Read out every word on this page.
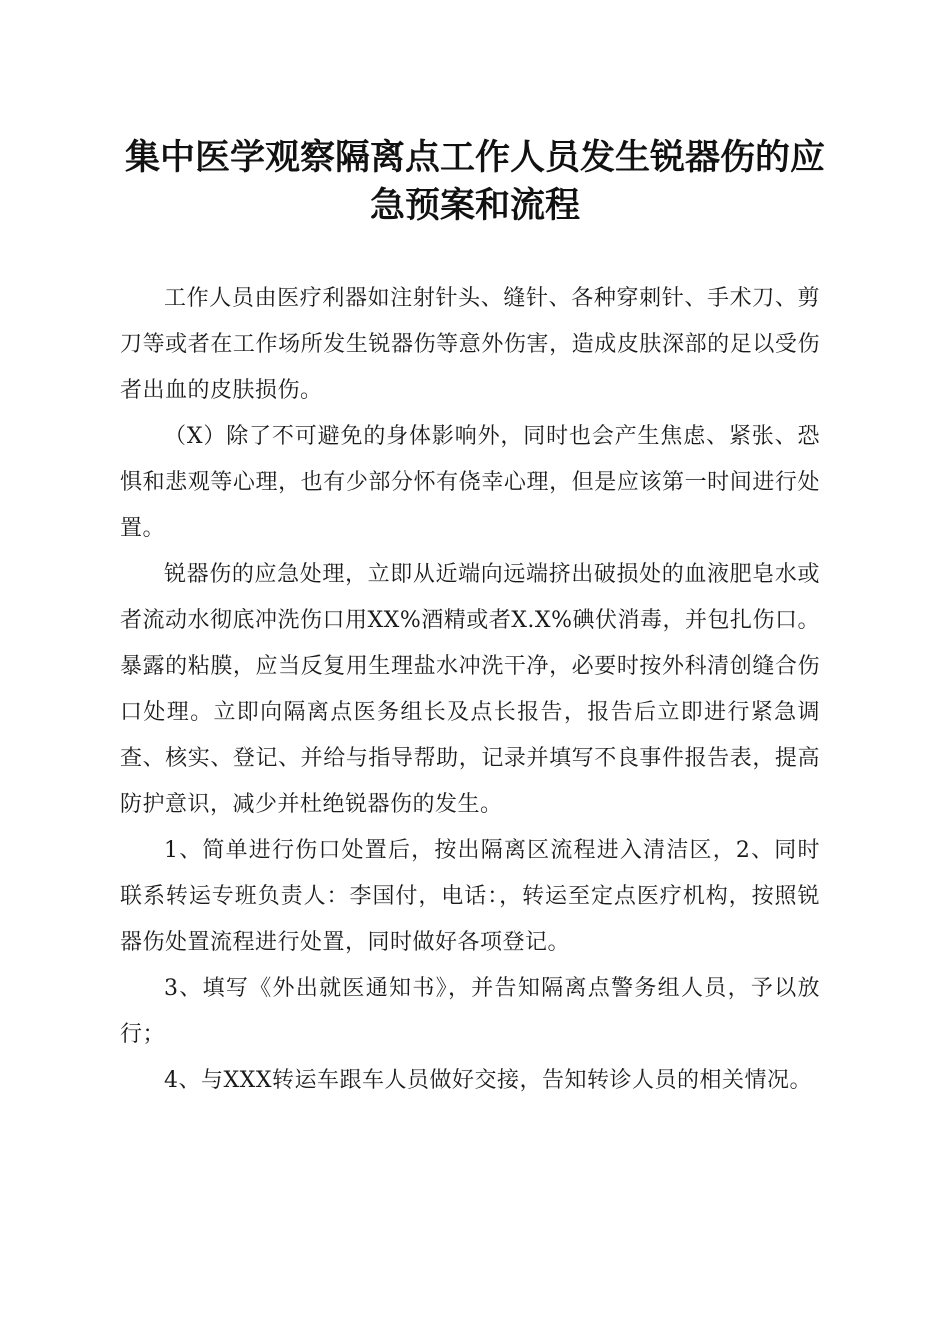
集中医学观察隔离点工作人员发生锐器伤的应急预案和流程

工作人员由医疗利器如注射针头、缝针、各种穿刺针、手术刀、剪刀等或者在工作场所发生锐器伤等意外伤害，造成皮肤深部的足以受伤者出血的皮肤损伤。

（X）除了不可避免的身体影响外，同时也会产生焦虑、紧张、恐惧和悲观等心理，也有少部分怀有侥幸心理，但是应该第一时间进行处置。

锐器伤的应急处理，立即从近端向远端挤出破损处的血液肥皂水或者流动水彻底冲洗伤口用XX%酒精或者X.X%碘伏消毒，并包扎伤口。暴露的粘膜，应当反复用生理盐水冲洗干净，必要时按外科清创缝合伤口处理。立即向隔离点医务组长及点长报告，报告后立即进行紧急调查、核实、登记、并给与指导帮助，记录并填写不良事件报告表，提高防护意识，减少并杜绝锐器伤的发生。

1、简单进行伤口处置后，按出隔离区流程进入清洁区，2、同时联系转运专班负责人：李国付，电话：，转运至定点医疗机构，按照锐器伤处置流程进行处置，同时做好各项登记。

3、填写《外出就医通知书》，并告知隔离点警务组人员，予以放行；

4、与XXX转运车跟车人员做好交接，告知转诊人员的相关情况。
